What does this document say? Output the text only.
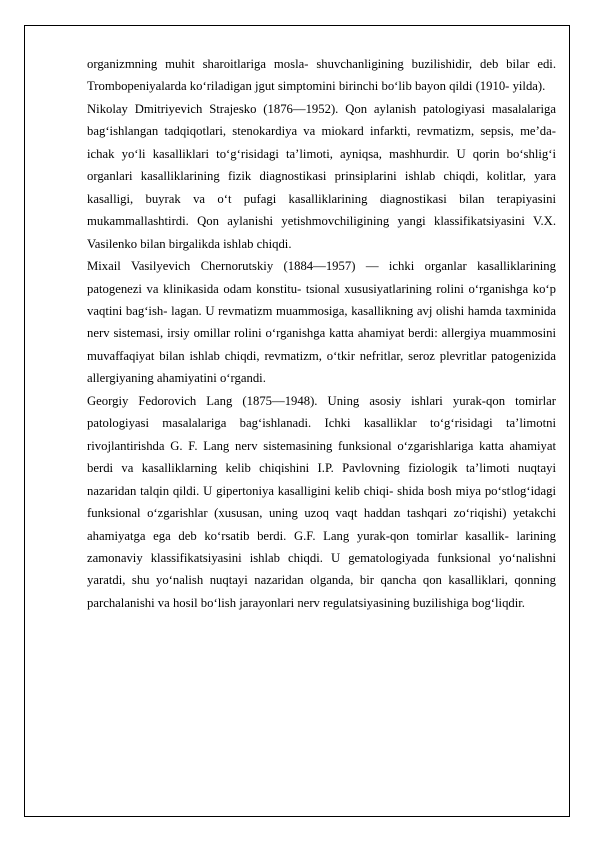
organizmning muhit sharoitlariga mosla- shuvchanligining buzilishidir, deb bilar edi. Trombopeniyalarda ko‘riladigan jgut simptomini birinchi bo‘lib bayon qildi (1910- yilda).

Nikolay Dmitriyevich Strajesko (1876—1952). Qon aylanish patologiyasi masalalariga bag‘ishlangan tadqiqotlari, stenokardiya va miokard infarkti, revmatizm, sepsis, me’da-ichak yo‘li kasalliklari to‘g‘risidagi ta’limoti, ayniqsa, mashhurdir. U qorin bo‘shlig‘i organlari kasalliklarining fizik diagnostikasi prinsiplarini ishlab chiqdi, kolitlar, yara kasalligi, buyrak va o‘t pufagi kasalliklarining diagnostikasi bilan terapiyasini mukammallashtirdi. Qon aylanishi yetishmovchiligining yangi klassifikatsiyasini V.X. Vasilenko bilan birgalikda ishlab chiqdi.

Mixail Vasilyevich Chernorutskiy (1884—1957) — ichki organlar kasalliklarining patogenezi va klinikasida odam konstitu- tsional xususiyatlarining rolini o‘rganishga ko‘p vaqtini bag‘ish- lagan. U revmatizm muammosiga, kasallikning avj olishi hamda taxminida nerv sistemasi, irsiy omillar rolini o‘rganishga katta ahamiyat berdi: allergiya muammosini muvaffaqiyat bilan ishlab chiqdi, revmatizm, o‘tkir nefritlar, seroz plevritlar patogenizida allergiyaning ahamiyatini o‘rgandi.

Georgiy Fedorovich Lang (1875—1948). Uning asosiy ishlari yurak-qon tomirlar patologiyasi masalalariga bag‘ishlanadi. Ichki kasalliklar to‘g‘risidagi ta’limotni rivojlantirishda G. F. Lang nerv sistemasining funksional o‘zgarishlariga katta ahamiyat berdi va kasalliklarning kelib chiqishini I.P. Pavlovning fiziologik ta’limoti nuqtayi nazaridan talqin qildi. U gipertoniya kasalligini kelib chiqi- shida bosh miya po‘stlog‘idagi funksional o‘zgarishlar (xususan, uning uzoq vaqt haddan tashqari zo‘riqishi) yetakchi ahamiyatga ega deb ko‘rsatib berdi. G.F. Lang yurak-qon tomirlar kasallik- larining zamonaviy klassifikatsiyasini ishlab chiqdi. U gematologiyada funksional yo‘nalishni yaratdi, shu yo‘nalish nuqtayi nazaridan olganda, bir qancha qon kasalliklari, qonning parchalanishi va hosil bo‘lish jarayonlari nerv regulatsiyasining buzilishiga bog‘liqdir.
